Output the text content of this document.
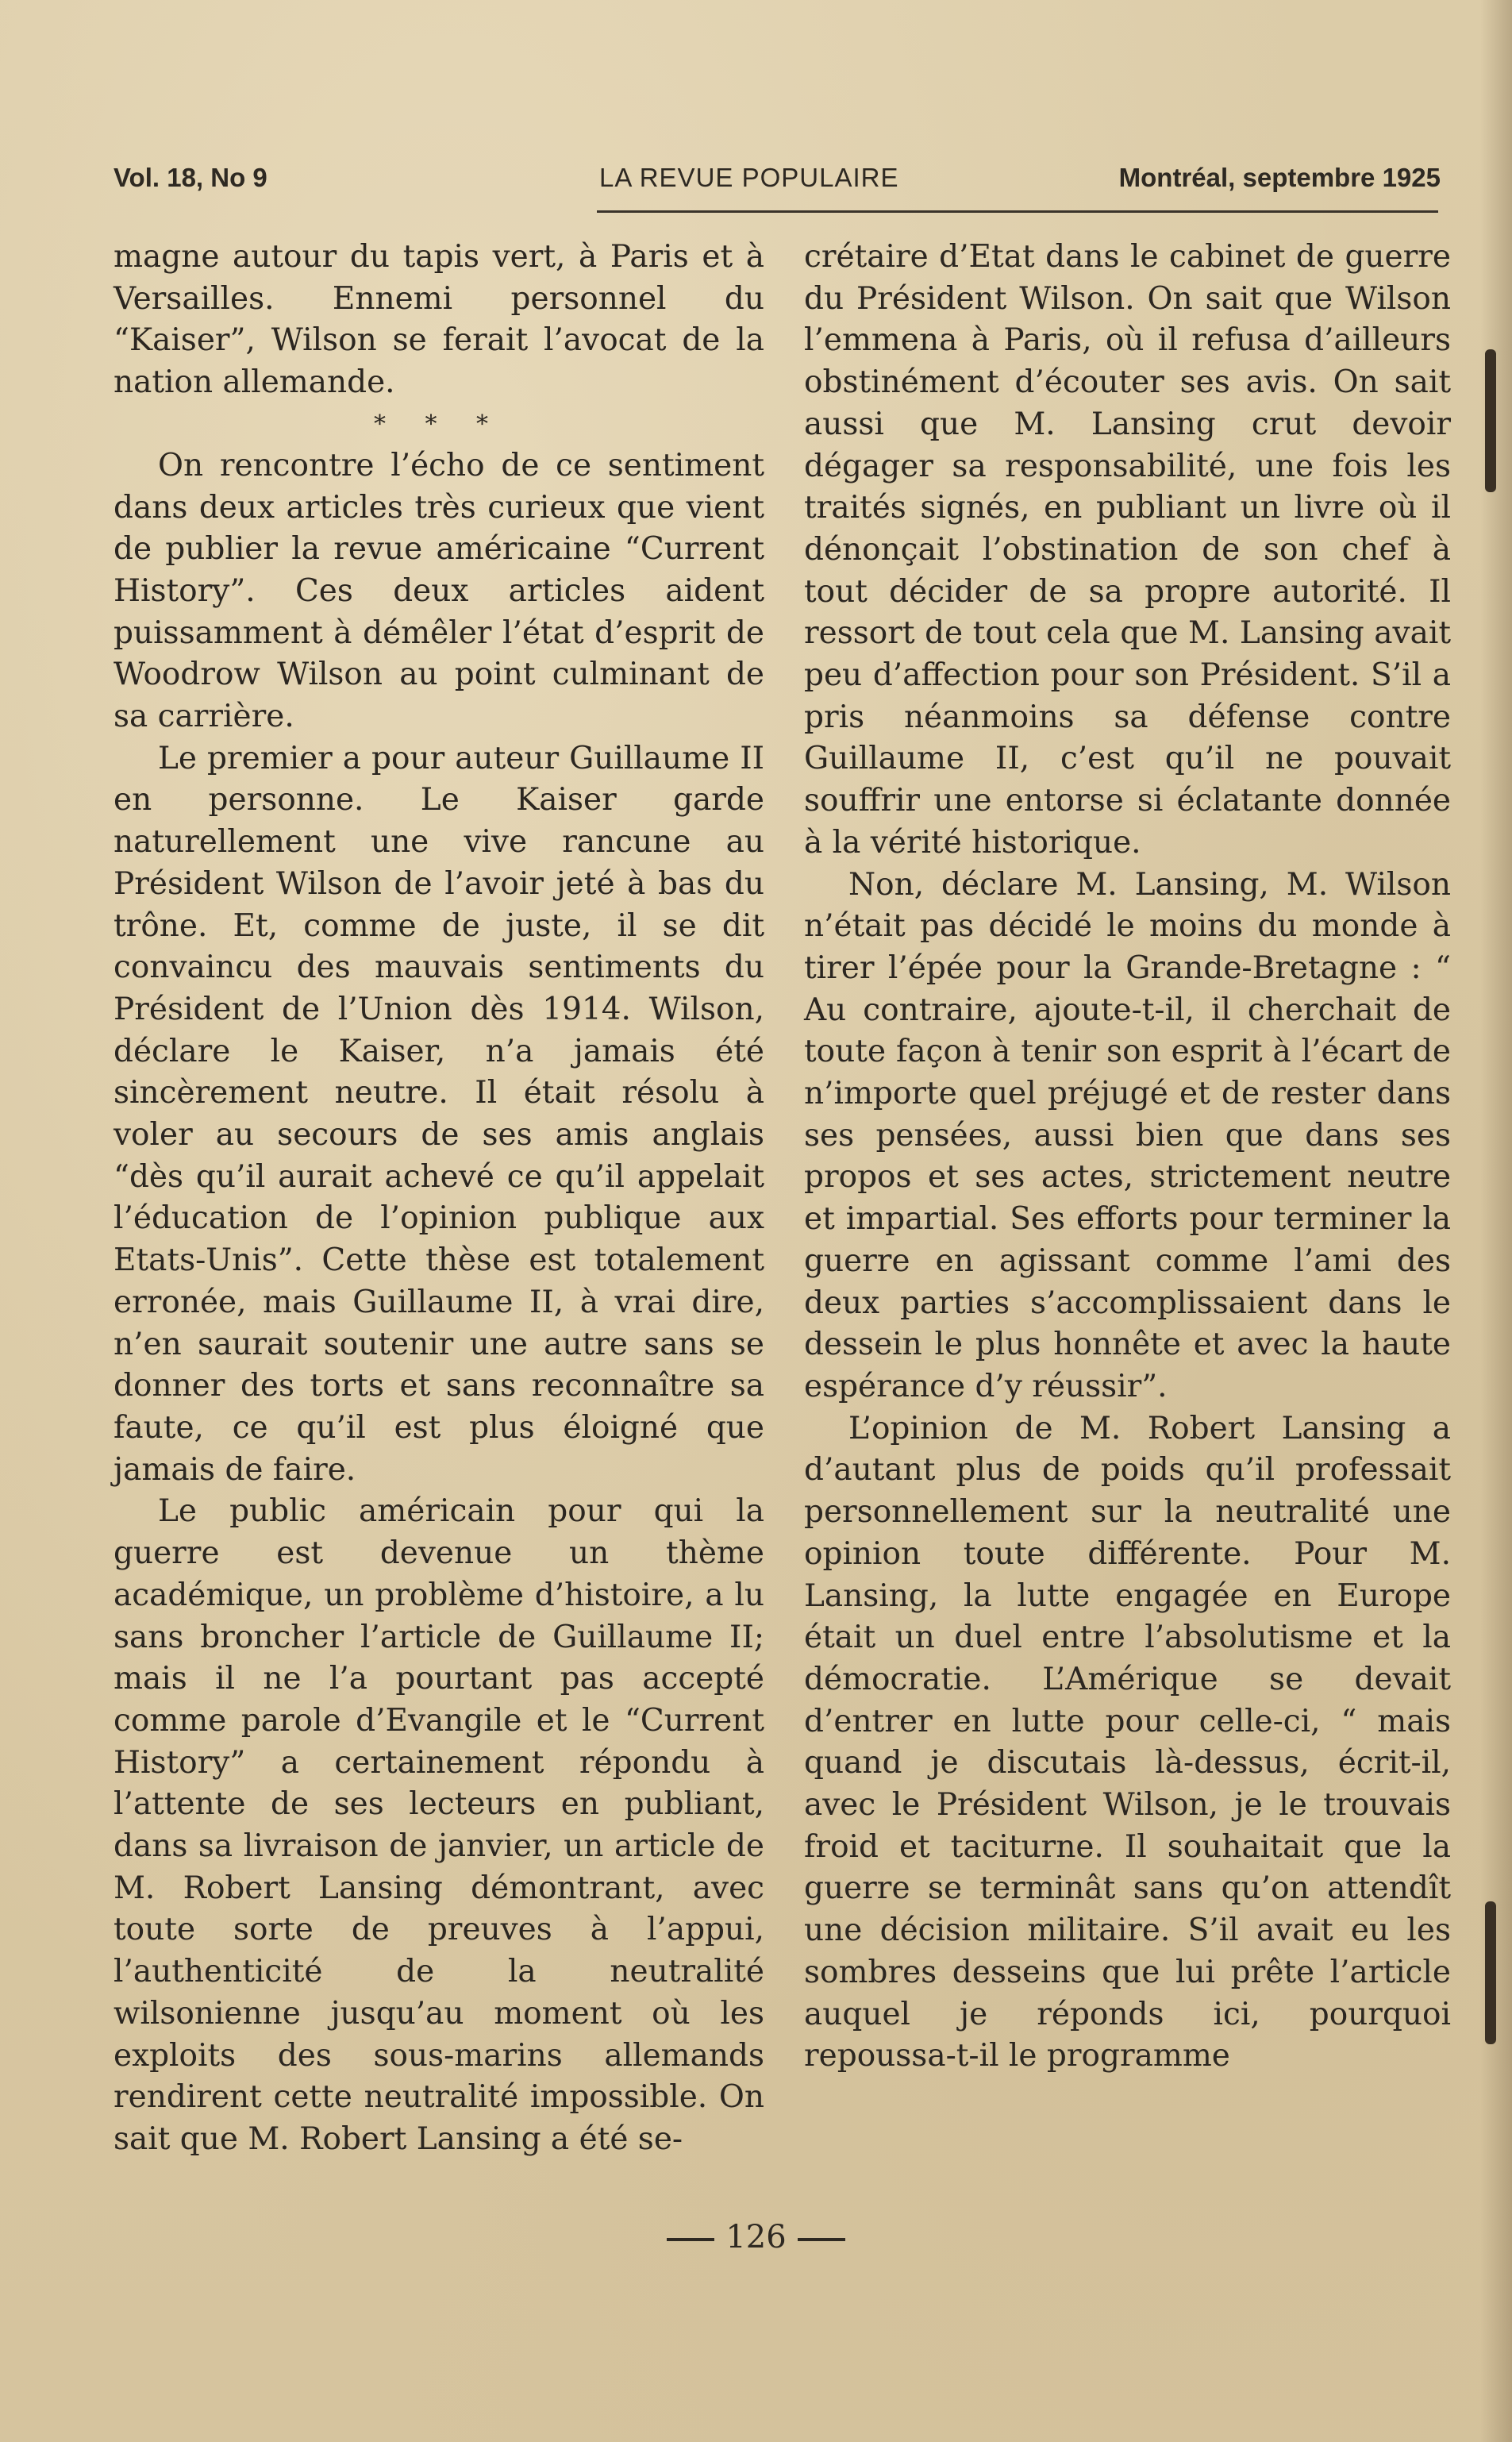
Vol. 18, No 9	LA REVUE POPULAIRE	Montréal, septembre 1925

magne autour du tapis vert, à Paris et à Versailles. Ennemi personnel du “Kaiser”, Wilson se ferait l’avocat de la nation allemande.

* * *

On rencontre l’écho de ce sentiment dans deux articles très curieux que vient de publier la revue américaine “Current History”. Ces deux articles aident puissamment à démêler l’état d’esprit de Woodrow Wilson au point culminant de sa carrière.

Le premier a pour auteur Guillaume II en personne. Le Kaiser garde naturellement une vive rancune au Président Wilson de l’avoir jeté à bas du trône. Et, comme de juste, il se dit convaincu des mauvais sentiments du Président de l’Union dès 1914. Wilson, déclare le Kaiser, n’a jamais été sincèrement neutre. Il était résolu à voler au secours de ses amis anglais “dès qu’il aurait achevé ce qu’il appelait l’éducation de l’opinion publique aux Etats-Unis”. Cette thèse est totalement erronée, mais Guillaume II, à vrai dire, n’en saurait soutenir une autre sans se donner des torts et sans reconnaître sa faute, ce qu’il est plus éloigné que jamais de faire.

Le public américain pour qui la guerre est devenue un thème académique, un problème d’histoire, a lu sans broncher l’article de Guillaume II; mais il ne l’a pourtant pas accepté comme parole d’Evangile et le “Current History” a certainement répondu à l’attente de ses lecteurs en publiant, dans sa livraison de janvier, un article de M. Robert Lansing démontrant, avec toute sorte de preuves à l’appui, l’authenticité de la neutralité wilsonienne jusqu’au moment où les exploits des sous-marins allemands rendirent cette neutralité impossible. On sait que M. Robert Lansing a été se-

crétaire d’Etat dans le cabinet de guerre du Président Wilson. On sait que Wilson l’emmena à Paris, où il refusa d’ailleurs obstinément d’écouter ses avis. On sait aussi que M. Lansing crut devoir dégager sa responsabilité, une fois les traités signés, en publiant un livre où il dénonçait l’obstination de son chef à tout décider de sa propre autorité. Il ressort de tout cela que M. Lansing avait peu d’affection pour son Président. S’il a pris néanmoins sa défense contre Guillaume II, c’est qu’il ne pouvait souffrir une entorse si éclatante donnée à la vérité historique.

Non, déclare M. Lansing, M. Wilson n’était pas décidé le moins du monde à tirer l’épée pour la Grande-Bretagne : “ Au contraire, ajoute-t-il, il cherchait de toute façon à tenir son esprit à l’écart de n’importe quel préjugé et de rester dans ses pensées, aussi bien que dans ses propos et ses actes, strictement neutre et impartial. Ses efforts pour terminer la guerre en agissant comme l’ami des deux parties s’accomplissaient dans le dessein le plus honnête et avec la haute espérance d’y réussir”.

L’opinion de M. Robert Lansing a d’autant plus de poids qu’il professait personnellement sur la neutralité une opinion toute différente. Pour M. Lansing, la lutte engagée en Europe était un duel entre l’absolutisme et la démocratie. L’Amérique se devait d’entrer en lutte pour celle-ci, “ mais quand je discutais là-dessus, écrit-il, avec le Président Wilson, je le trouvais froid et taciturne. Il souhaitait que la guerre se terminât sans qu’on attendît une décision militaire. S’il avait eu les sombres desseins que lui prête l’article auquel je réponds ici, pourquoi repoussa-t-il le programme

126
